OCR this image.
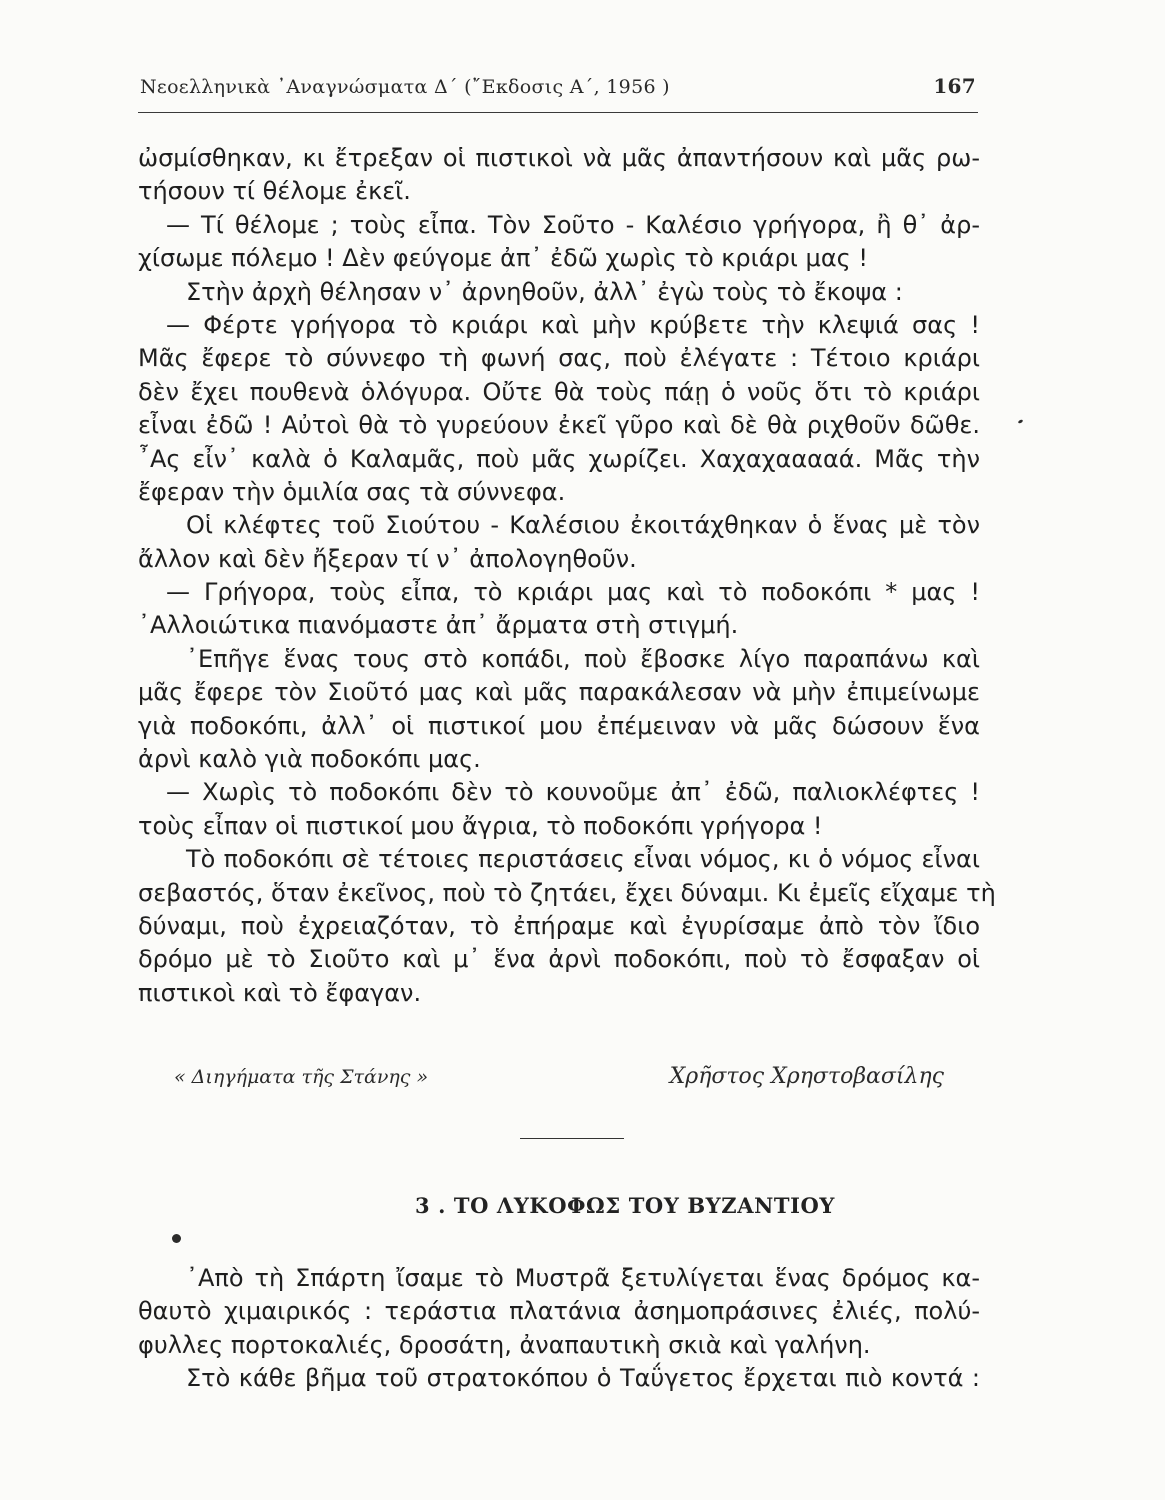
Νεοελληνικὰ ᾿Αναγνώσματα Δ΄ (῎Εκδοσις Α΄, 1956 )	167
ὠσμίσθηκαν, κι ἔτρεξαν οἱ πιστικοὶ νὰ μᾶς ἀπαντήσουν καὶ μᾶς ρω-
τήσουν τί θέλομε ἐκεῖ.
— Τί θέλομε ; τοὺς εἶπα. Τὸν Σοῦτο - Καλέσιο γρήγορα, ἢ θ᾿ ἀρ-
χίσωμε πόλεμο ! Δὲν φεύγομε ἀπ᾿ ἐδῶ χωρὶς τὸ κριάρι μας !
Στὴν ἀρχὴ θέλησαν ν᾿ ἀρνηθοῦν, ἀλλ᾿ ἐγὼ τοὺς τὸ ἔκοψα :
— Φέρτε γρήγορα τὸ κριάρι καὶ μὴν κρύβετε τὴν κλεψιά σας !
Μᾶς ἔφερε τὸ σύννεφο τὴ φωνή σας, ποὺ ἐλέγατε : Τέτοιο κριάρι
δὲν ἔχει πουθενὰ ὁλόγυρα. Οὔτε θὰ τοὺς πάῃ ὁ νοῦς ὅτι τὸ κριάρι
εἶναι ἐδῶ ! Αὐτοὶ θὰ τὸ γυρεύουν ἐκεῖ γῦρο καὶ δὲ θὰ ριχθοῦν δῶθε.
῏Ας εἶν᾿ καλὰ ὁ Καλαμᾶς, ποὺ μᾶς χωρίζει. Χαχαχααααά. Μᾶς τὴν
ἔφεραν τὴν ὁμιλία σας τὰ σύννεφα.
Οἱ κλέφτες τοῦ Σιούτου - Καλέσιου ἐκοιτάχθηκαν ὁ ἕνας μὲ τὸν
ἄλλον καὶ δὲν ἤξεραν τί ν᾿ ἀπολογηθοῦν.
— Γρήγορα, τοὺς εἶπα, τὸ κριάρι μας καὶ τὸ ποδοκόπι * μας !
᾿Αλλοιώτικα πιανόμαστε ἀπ᾿ ἄρματα στὴ στιγμή.
᾿Επῆγε ἕνας τους στὸ κοπάδι, ποὺ ἔβοσκε λίγο παραπάνω καὶ
μᾶς ἔφερε τὸν Σιοῦτό μας καὶ μᾶς παρακάλεσαν νὰ μὴν ἐπιμείνωμε
γιὰ ποδοκόπι, ἀλλ᾿ οἱ πιστικοί μου ἐπέμειναν νὰ μᾶς δώσουν ἕνα
ἀρνὶ καλὸ γιὰ ποδοκόπι μας.
— Χωρὶς τὸ ποδοκόπι δὲν τὸ κουνοῦμε ἀπ᾿ ἐδῶ, παλιοκλέφτες !
τοὺς εἶπαν οἱ πιστικοί μου ἄγρια, τὸ ποδοκόπι γρήγορα !
Τὸ ποδοκόπι σὲ τέτοιες περιστάσεις εἶναι νόμος, κι ὁ νόμος εἶναι
σεβαστός, ὅταν ἐκεῖνος, ποὺ τὸ ζητάει, ἔχει δύναμι. Κι ἐμεῖς εἴχαμε τὴ
δύναμι, ποὺ ἐχρειαζόταν, τὸ ἐπήραμε καὶ ἐγυρίσαμε ἀπὸ τὸν ἴδιο
δρόμο μὲ τὸ Σιοῦτο καὶ μ᾿ ἕνα ἀρνὶ ποδοκόπι, ποὺ τὸ ἔσφαξαν οἱ
πιστικοὶ καὶ τὸ ἔφαγαν.
« Διηγήματα τῆς Στάνης »	Χρῆστος Χρηστοβασίλης
3 . ΤΟ ΛΥΚΟΦΩΣ ΤΟΥ ΒΥΖΑΝΤΙΟΥ
᾿Απὸ τὴ Σπάρτη ἴσαμε τὸ Μυστρᾶ ξετυλίγεται ἕνας δρόμος κα-
θαυτὸ χιμαιρικός : τεράστια πλατάνια ἀσημοπράσινες ἐλιές, πολύ-
φυλλες πορτοκαλιές, δροσάτη, ἀναπαυτικὴ σκιὰ καὶ γαλήνη.
Στὸ κάθε βῆμα τοῦ στρατοκόπου ὁ Ταΰγετος ἔρχεται πιὸ κοντά :
